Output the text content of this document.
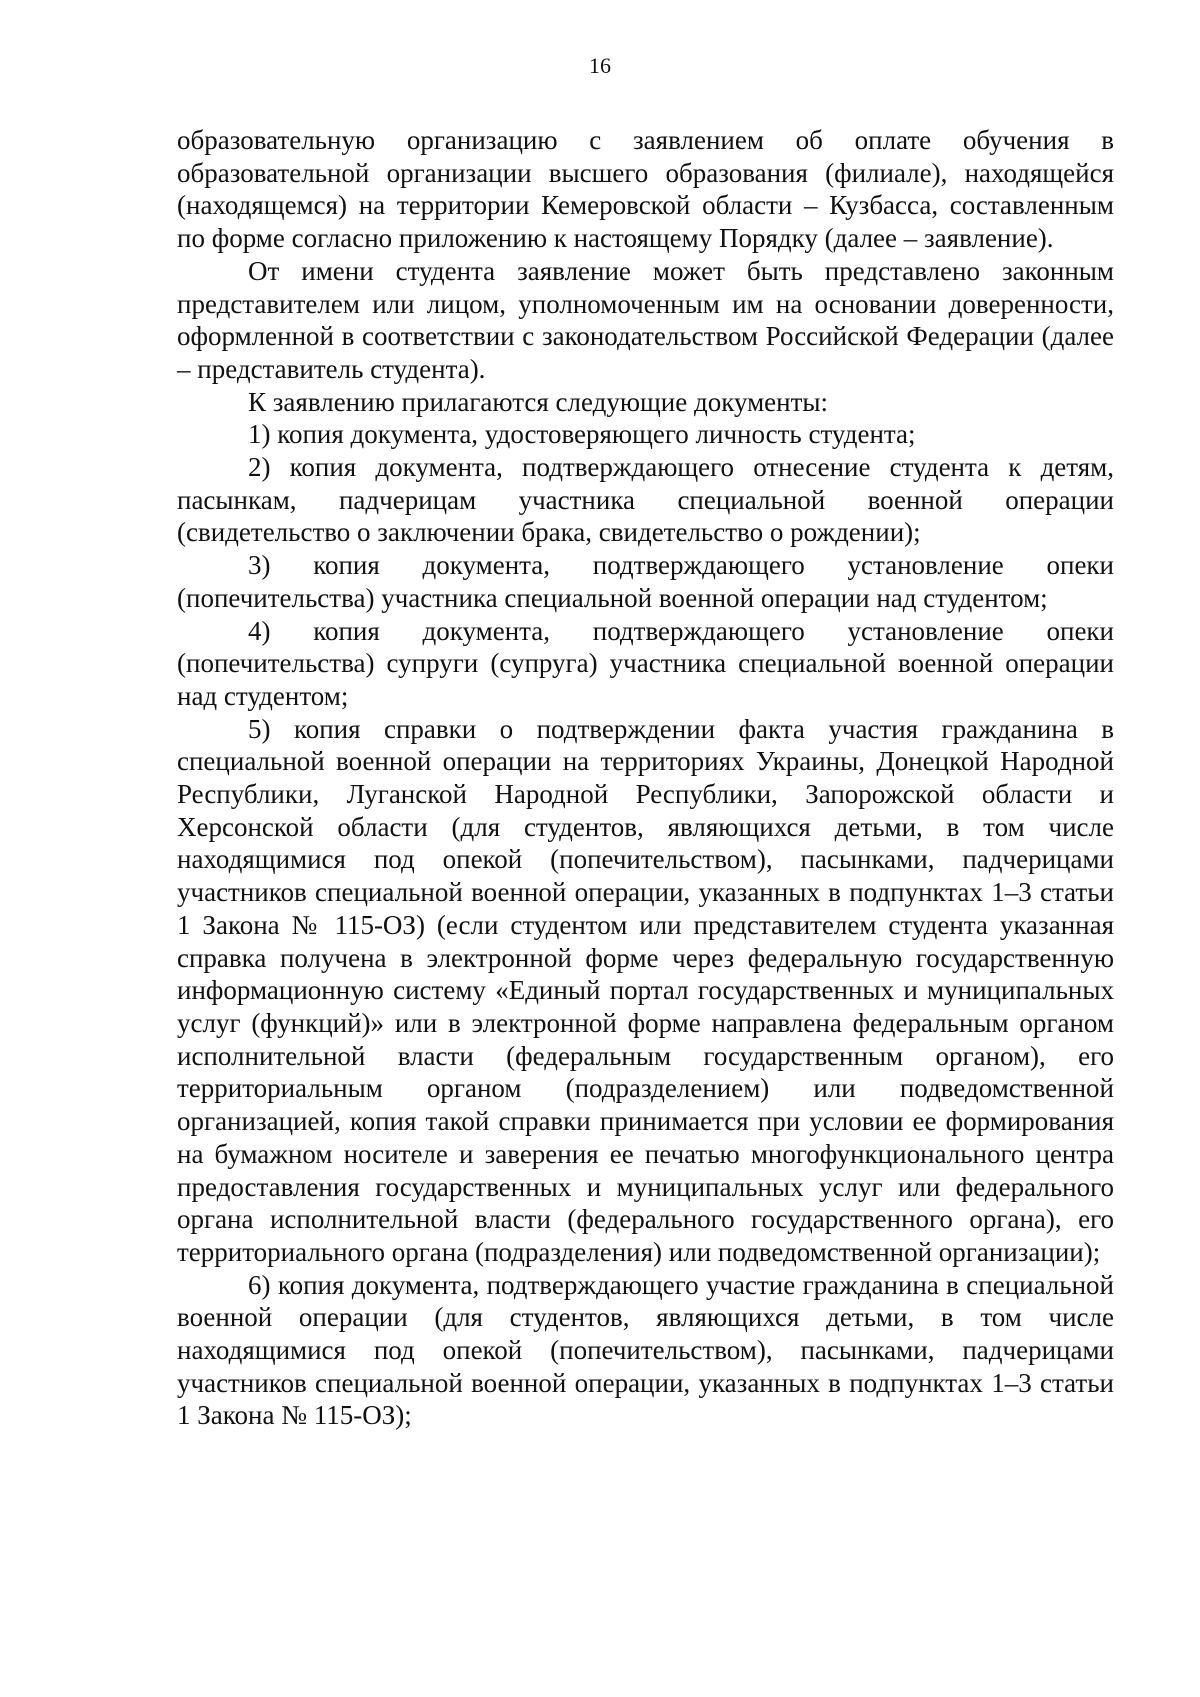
16

образовательную организацию с заявлением об оплате обучения в образовательной организации высшего образования (филиале), находящейся (находящемся) на территории Кемеровской области – Кузбасса, составленным по форме согласно приложению к настоящему Порядку (далее – заявление).

От имени студента заявление может быть представлено законным представителем или лицом, уполномоченным им на основании доверенности, оформленной в соответствии с законодательством Российской Федерации (далее – представитель студента).

К заявлению прилагаются следующие документы:

1) копия документа, удостоверяющего личность студента;

2) копия документа, подтверждающего отнесение студента к детям, пасынкам, падчерицам участника специальной военной операции (свидетельство о заключении брака, свидетельство о рождении);

3) копия документа, подтверждающего установление опеки (попечительства) участника специальной военной операции над студентом;

4) копия документа, подтверждающего установление опеки (попечительства) супруги (супруга) участника специальной военной операции над студентом;

5) копия справки о подтверждении факта участия гражданина в специальной военной операции на территориях Украины, Донецкой Народной Республики, Луганской Народной Республики, Запорожской области и Херсонской области (для студентов, являющихся детьми, в том числе находящимися под опекой (попечительством), пасынками, падчерицами участников специальной военной операции, указанных в подпунктах 1–3 статьи 1 Закона № 115-ОЗ) (если студентом или представителем студента указанная справка получена в электронной форме через федеральную государственную информационную систему «Единый портал государственных и муниципальных услуг (функций)» или в электронной форме направлена федеральным органом исполнительной власти (федеральным государственным органом), его территориальным органом (подразделением) или подведомственной организацией, копия такой справки принимается при условии ее формирования на бумажном носителе и заверения ее печатью многофункционального центра предоставления государственных и муниципальных услуг или федерального органа исполнительной власти (федерального государственного органа), его территориального органа (подразделения) или подведомственной организации);

6) копия документа, подтверждающего участие гражданина в специальной военной операции (для студентов, являющихся детьми, в том числе находящимися под опекой (попечительством), пасынками, падчерицами участников специальной военной операции, указанных в подпунктах 1–3 статьи 1 Закона № 115-ОЗ);
